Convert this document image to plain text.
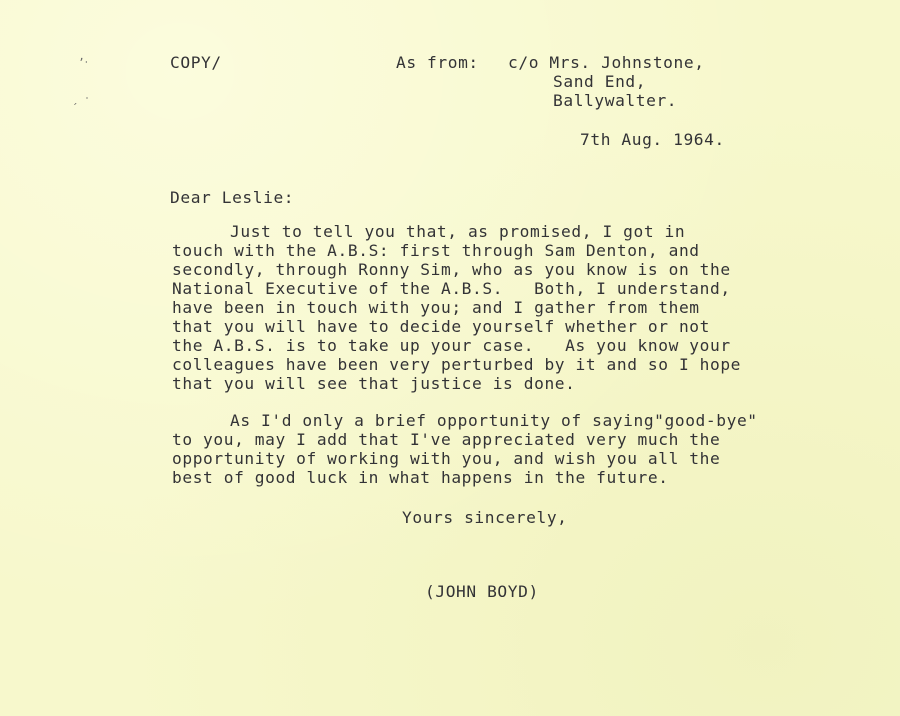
ʼ‧
ˏ ‧
COPY/	As from: c/o Mrs. Johnstone,
Sand End,
Ballywalter.
7th Aug. 1964.
Dear Leslie:
Just to tell you that, as promised, I got in
touch with the A.B.S: first through Sam Denton, and
secondly, through Ronny Sim, who as you know is on the
National Executive of the A.B.S.   Both, I understand,
have been in touch with you; and I gather from them
that you will have to decide yourself whether or not
the A.B.S. is to take up your case.   As you know your
colleagues have been very perturbed by it and so I hope
that you will see that justice is done.
As I'd only a brief opportunity of saying"good-bye"
to you, may I add that I've appreciated very much the
opportunity of working with you, and wish you all the
best of good luck in what happens in the future.
Yours sincerely,
(JOHN BOYD)
